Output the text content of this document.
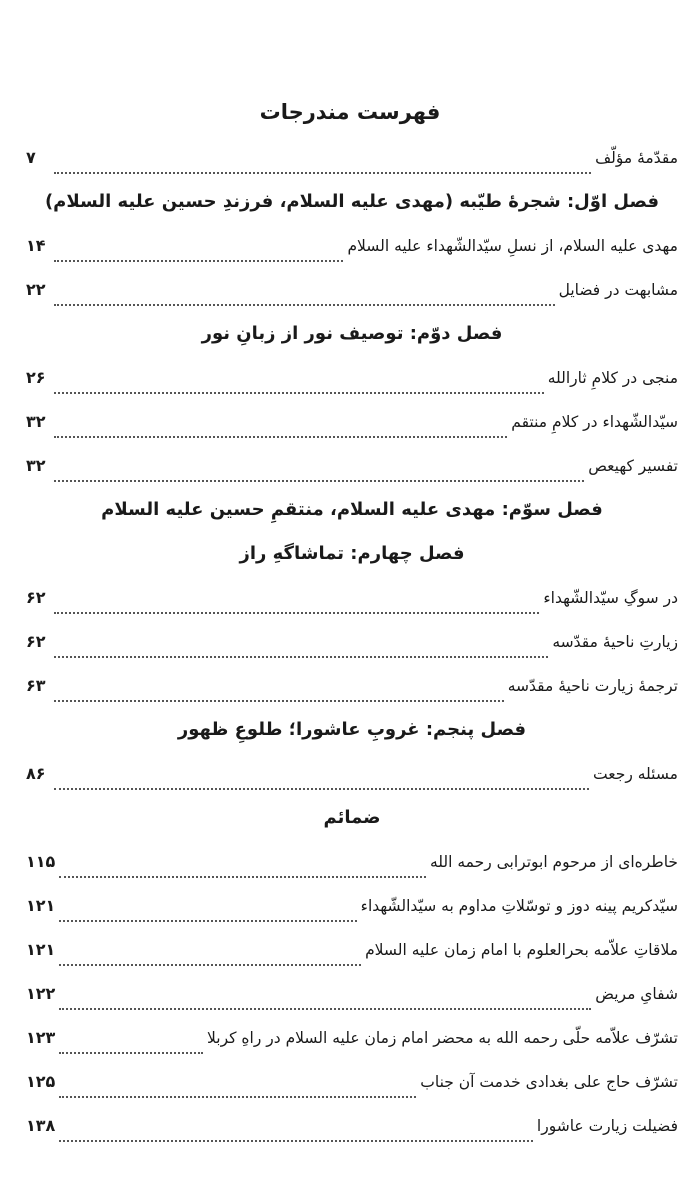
فهرست مندرجات
مقدّمهٔ مؤلّف
۷
فصل اوّل: شجرهٔ طیّبه (مهدی علیه السلام، فرزندِ حسین علیه السلام)
مهدی علیه السلام، از نسلِ سیّدالشّهداء علیه السلام
۱۴
مشابهت در فضایل
۲۲
فصل دوّم: توصیف نور از زبانِ نور
منجی در کلامِ ثارالله
۲۶
سیّدالشّهداء در کلامِ منتقم
۳۲
تفسیر کهیعص
۳۲
فصل سوّم: مهدی علیه السلام، منتقمِ حسین علیه السلام
فصل چهارم: تماشاگهِ راز
در سوگِ سیّدالشّهداء
۶۲
زیارتِ ناحیهٔ مقدّسه
۶۲
ترجمهٔ زیارت ناحیهٔ مقدّسه
۶۳
فصل پنجم: غروبِ عاشورا؛ طلوعِ ظهور
مسئله رجعت
۸۶
ضمائم
خاطره‌ای از مرحوم ابوترابی رحمه الله
۱۱۵
سیّدکریم پینه دوز و توسّلاتِ مداوم به سیّدالشّهداء
۱۲۱
ملاقاتِ علاّمه بحرالعلوم با امام زمان علیه السلام
۱۲۱
شفایِ مریض
۱۲۲
تشرّف علاّمه حلّی رحمه الله به محضر امام زمان علیه السلام در راهِ کربلا
۱۲۳
تشرّف حاج علی بغدادی خدمت آن جناب
۱۲۵
فضیلت زیارت عاشورا
۱۳۸
